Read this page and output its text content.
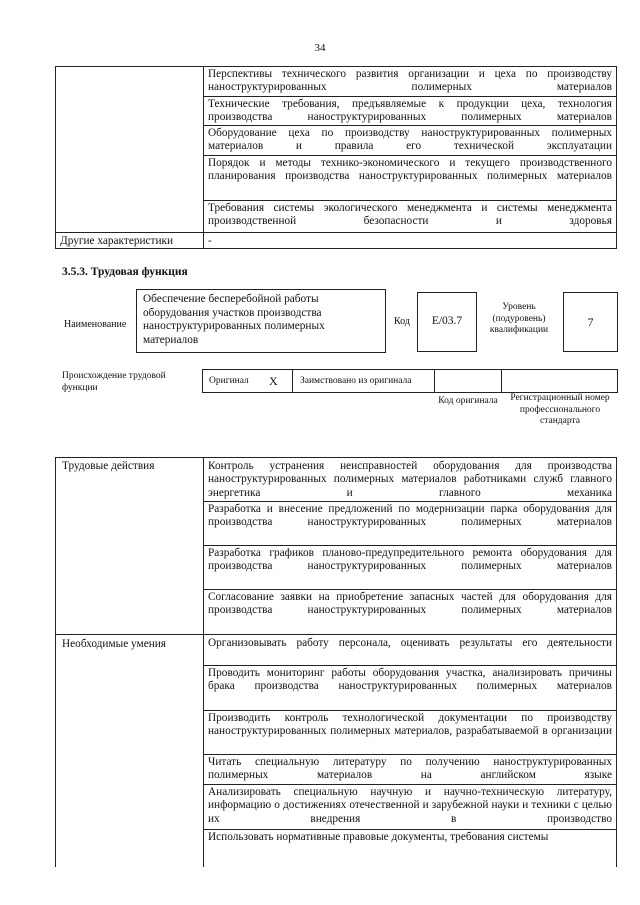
34
Перспективы технического развития организации и цеха по производству наноструктурированных полимерных материалов
Технические требования, предъявляемые к продукции цеха, технология производства наноструктурированных полимерных материалов
Оборудование цеха по производству наноструктурированных полимерных материалов и правила его технической эксплуатации
Порядок и методы технико-экономического и текущего производственного планирования производства наноструктурированных полимерных материалов
Требования системы экологического менеджмента и системы менеджмента производственной безопасности и здоровья
Другие характеристики	-
3.5.3. Трудовая функция
Наименование
Обеспечение бесперебойной работы оборудования участков производства наноструктурированных полимерных материалов
Код	E/03.7
Уровень (подуровень) квалификации
7
Происхождение трудовой функции
Оригинал X Заимствовано из оригинала
Код оригинала	Регистрационный номер профессионального стандарта
Трудовые действия	Контроль устранения неисправностей оборудования для производства наноструктурированных полимерных материалов работниками служб главного энергетика и главного механика
Разработка и внесение предложений по модернизации парка оборудования для производства наноструктурированных полимерных материалов
Разработка графиков планово-предупредительного ремонта оборудования для производства наноструктурированных полимерных материалов
Согласование заявки на приобретение запасных частей для оборудования для производства наноструктурированных полимерных материалов
Необходимые умения	Организовывать работу персонала, оценивать результаты его деятельности
Проводить мониторинг работы оборудования участка, анализировать причины брака производства наноструктурированных полимерных материалов
Производить контроль технологической документации по производству наноструктурированных полимерных материалов, разрабатываемой в организации
Читать специальную литературу по получению наноструктурированных полимерных материалов на английском языке
Анализировать специальную научную и научно-техническую литературу, информацию о достижениях отечественной и зарубежной науки и техники с целью их внедрения в производство
Использовать нормативные правовые документы, требования системы
